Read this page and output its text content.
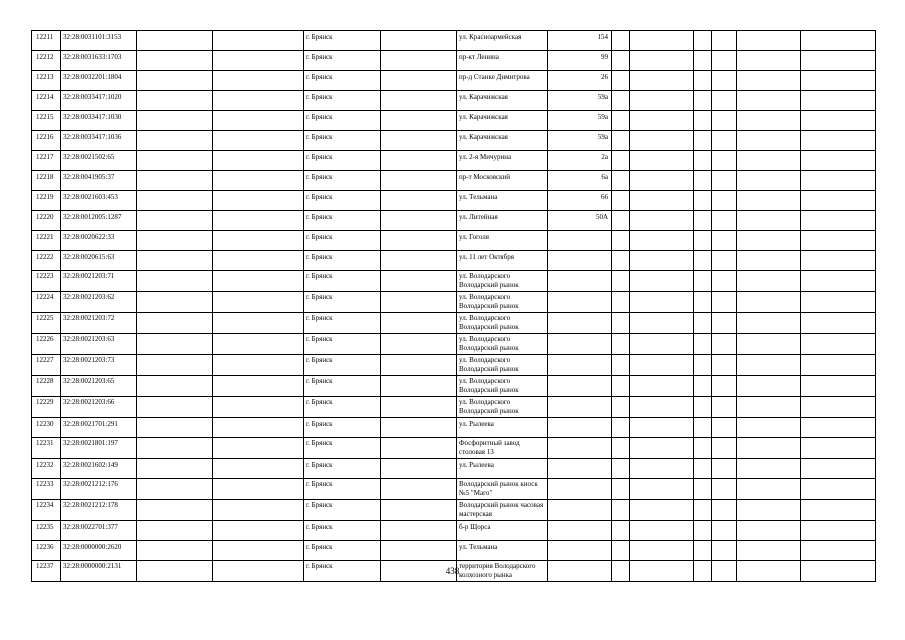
12211	32:28:0031101:3153			г. Брянск		ул. Красноармейская	154						
12212	32:28:0031633:1703			г. Брянск		пр-кт Ленина	99						
12213	32:28:0032201:1804			г. Брянск		пр-д Станке Димитрова	26						
12214	32:28:0033417:1020			г. Брянск		ул. Карачижская	59а						
12215	32:28:0033417:1030			г. Брянск		ул. Карачижская	59а						
12216	32:28:0033417:1036			г. Брянск		ул. Карачижская	59а						
12217	32:28:0021502:65			г. Брянск		ул. 2-я Мичурина	2а						
12218	32:28:0041905:37			г. Брянск		пр-т Московский	6а						
12219	32:28:0021603:453			г. Брянск		ул. Тельмана	66						
12220	32:28:0012005:1287			г. Брянск		ул. Литейная	50А						
12221	32:28:0020622:33			г. Брянск		ул. Гоголя							
12222	32:28:0020615:63			г. Брянск		ул. 11 лет Октября							
12223	32:28:0021203:71			г. Брянск		ул. Володарского Володарский рынок							
12224	32:28:0021203:62			г. Брянск		ул. Володарского Володарский рынок							
12225	32:28:0021203:72			г. Брянск		ул. Володарского Володарский рынок							
12226	32:28:0021203:63			г. Брянск		ул. Володарского Володарский рынок							
12227	32:28:0021203:73			г. Брянск		ул. Володарского Володарский рынок							
12228	32:28:0021203:65			г. Брянск		ул. Володарского Володарский рынок							
12229	32:28:0021203:66			г. Брянск		ул. Володарского Володарский рынок							
12230	32:28:0021701:291			г. Брянск		ул. Рылеева							
12231	32:28:0021801:197			г. Брянск		Фосфоритный завод столовая 13							
12232	32:28:0021602:149			г. Брянск		ул. Рылеева							
12233	32:28:0021212:176			г. Брянск		Володарский рынок киоск №5 "Маго"							
12234	32:28:0021212:178			г. Брянск		Володарский рынок часовая мастерская							
12235	32:28:0022701:377			г. Брянск		б-р Щорса							
12236	32:28:0000000:2620			г. Брянск		ул. Тельмана							
12237	32:28:0000000:2131			г. Брянск		территория Володарского колхозного рынка							
438
